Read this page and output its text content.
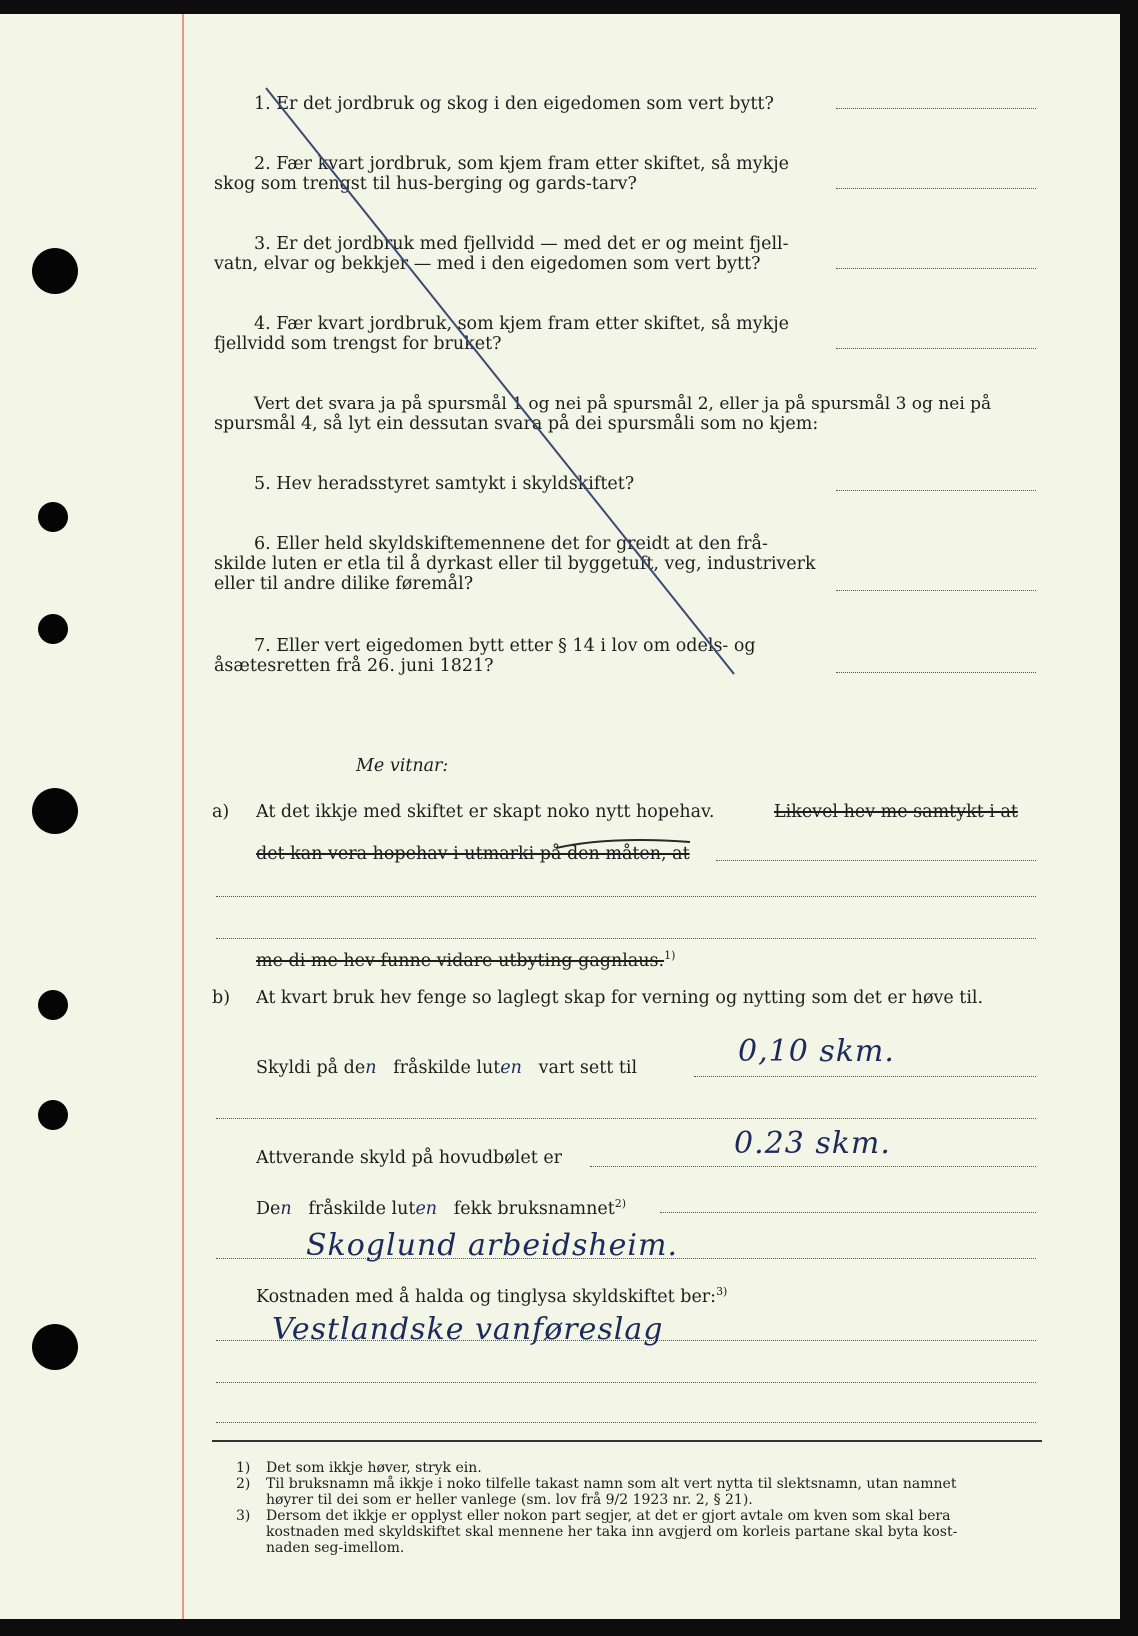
1. Er det jordbruk og skog i den eigedomen som vert bytt?
2. Fær kvart jordbruk, som kjem fram etter skiftet, så mykje
skog som trengst til hus-berging og gards-tarv?
3. Er det jordbruk med fjellvidd — med det er og meint fjell-
vatn, elvar og bekkjer — med i den eigedomen som vert bytt?
4. Fær kvart jordbruk, som kjem fram etter skiftet, så mykje
fjellvidd som trengst for bruket?
Vert det svara ja på spursmål 1 og nei på spursmål 2, eller ja på spursmål 3 og nei på
spursmål 4, så lyt ein dessutan svara på dei spursmåli som no kjem:
5. Hev heradsstyret samtykt i skyldskiftet?
6. Eller held skyldskiftemennene det for greidt at den frå-
skilde luten er etla til å dyrkast eller til byggetuft, veg, industriverk
eller til andre dilike føremål?
7. Eller vert eigedomen bytt etter § 14 i lov om odels- og
åsætesretten frå 26. juni 1821?
Me vitnar:
a) At det ikkje med skiftet er skapt noko nytt hopehav.	Likevel hev me samtykt i at
det kan vera hopehav i utmarki på den måten, at
me di me hev funne vidare utbyting gagnlaus.$^{1)}$
b) At kvart bruk hev fenge so laglegt skap for verning og nytting som det er høve til.
Skyldi på den fråskilde luten vart sett til	0,10 skm.
Attverande skyld på hovudbølet er	0.23 skm.
Den fråskilde luten fekk bruksnamnet$^{2)}$
Skoglund arbeidsheim.
Kostnaden med å halda og tinglysa skyldskiftet ber:$^{3)}$
Vestlandske vanføreslag
1) Det som ikkje høver, stryk ein.
2) Til bruksnamn må ikkje i noko tilfelle takast namn som alt vert nytta til slektsnamn, utan namnet
høyrer til dei som er heller vanlege (sm. lov frå 9/2 1923 nr. 2, § 21).
3) Dersom det ikkje er opplyst eller nokon part segjer, at det er gjort avtale om kven som skal bera
kostnaden med skyldskiftet skal mennene her taka inn avgjerd om korleis partane skal byta kost-
naden seg-imellom.
